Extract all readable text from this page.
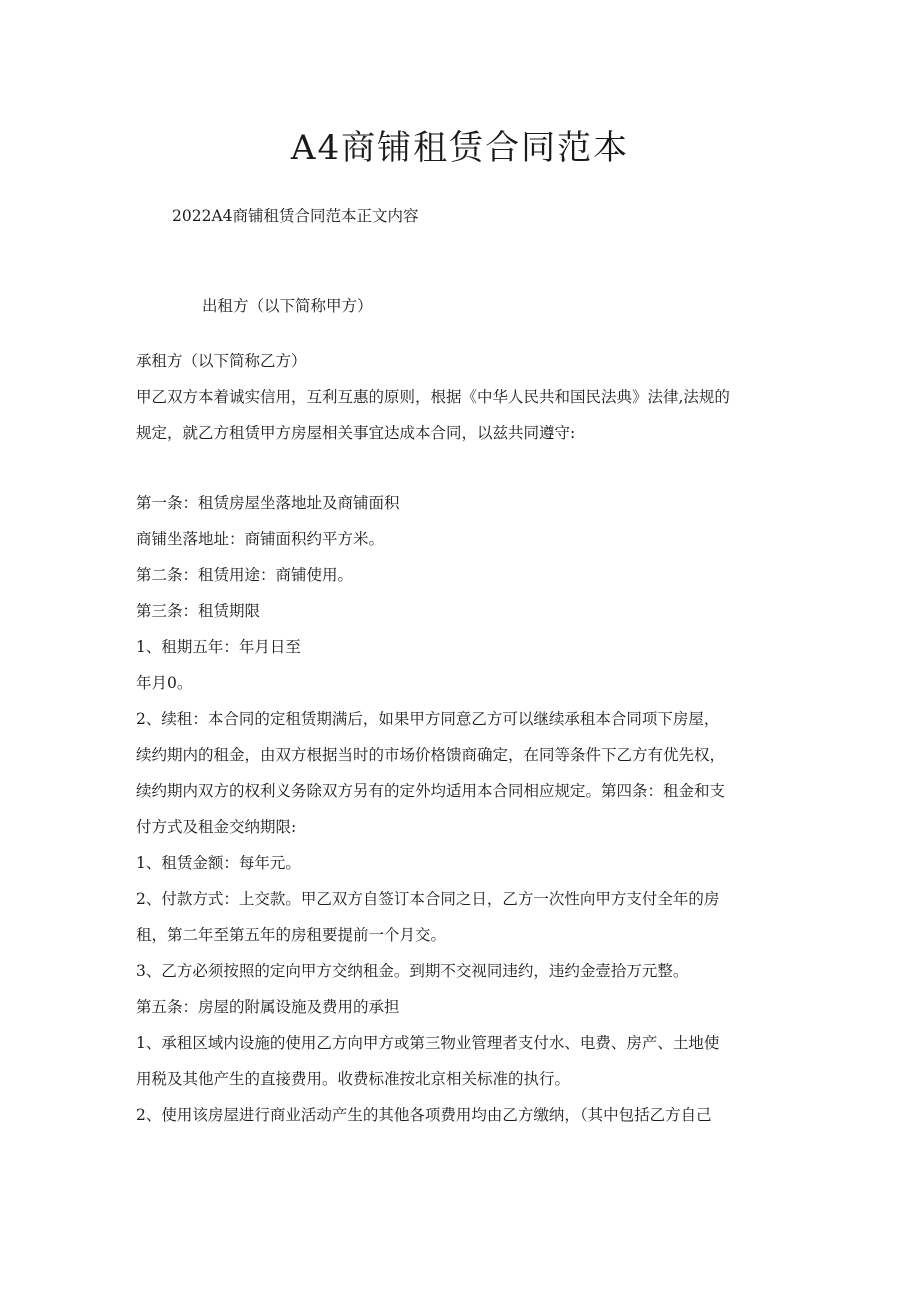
A4商铺租赁合同范本
2022A4商铺租赁合同范本正文内容
出租方（以下简称甲方）

承租方（以下简称乙方）

甲乙双方本着诚实信用，互利互惠的原则，根据《中华人民共和国民法典》法律,法规的
规定，就乙方租赁甲方房屋相关事宜达成本合同，以兹共同遵守:

第一条：租赁房屋坐落地址及商铺面积

商铺坐落地址：商铺面积约平方米。

第二条：租赁用途：商铺使用。

第三条：租赁期限

1、租期五年：年月日至

年月0。

2、续租：本合同的定租赁期满后，如果甲方同意乙方可以继续承租本合同项下房屋，
续约期内的租金，由双方根据当时的市场价格馈商确定，在同等条件下乙方有优先权，
续约期内双方的权利义务除双方另有的定外均适用本合同相应规定。第四条：租金和支
付方式及租金交纳期限:

1、租赁金额：每年元。

2、付款方式：上交款。甲乙双方自签订本合同之日，乙方一次性向甲方支付全年的房
租，第二年至第五年的房租要提前一个月交。

3、乙方必须按照的定向甲方交纳租金。到期不交视同违约，违约金壹拾万元整。

第五条：房屋的附属设施及费用的承担

1、承租区域内设施的使用乙方向甲方或第三物业管理者支付水、电费、房产、土地使
用税及其他产生的直接费用。收费标准按北京相关标准的执行。

2、使用该房屋进行商业活动产生的其他各项费用均由乙方缴纳，（其中包括乙方自己
